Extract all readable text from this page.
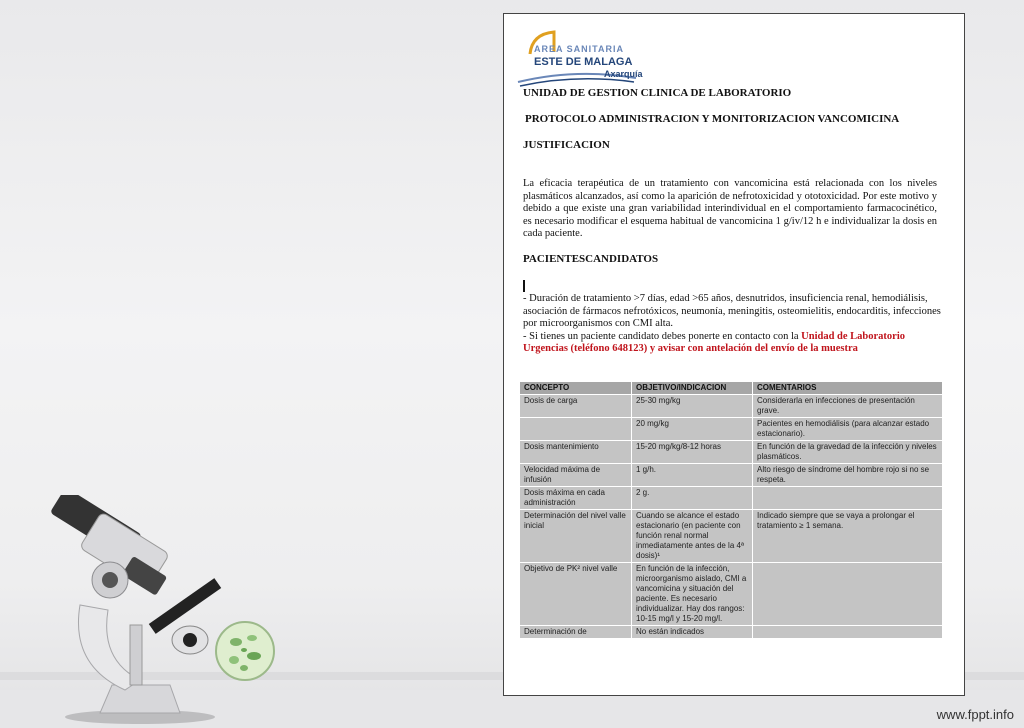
www.fppt.info
AREA SANITARIA
ESTE DE MALAGA
Axarquía
UNIDAD DE GESTION CLINICA DE LABORATORIO
PROTOCOLO ADMINISTRACION Y MONITORIZACION VANCOMICINA
JUSTIFICACION

La eficacia terapéutica de un tratamiento con vancomicina está relacionada con los niveles plasmáticos alcanzados, así como la aparición de nefrotoxicidad y ototoxicidad. Por este motivo y debido a que existe una gran variabilidad interindividual en el comportamiento farmacocinético, es necesario modificar el esquema habitual de vancomicina 1 g/iv/12 h e individualizar la dosis en cada paciente.

PACIENTESCANDIDATOS

- Duración de tratamiento >7 días, edad >65 años, desnutridos, insuficiencia renal, hemodiálisis, asociación de fármacos nefrotóxicos, neumonía, meningitis, osteomielitis, endocarditis, infecciones por microorganismos con CMI alta.

- Si tienes un paciente candidato debes ponerte en contacto con la Unidad de Laboratorio Urgencias (teléfono 648123) y avisar con antelación del envío de la muestra

CONCEPTO	OBJETIVO/INDICACION	COMENTARIOS
Dosis de carga	25-30 mg/kg	Considerarla en infecciones de presentación grave.
	20 mg/kg	Pacientes en hemodiálisis (para alcanzar estado estacionario).
Dosis mantenimiento	15-20 mg/kg/8-12 horas	En función de la gravedad de la infección y niveles plasmáticos.
Velocidad máxima de infusión	1 g/h.	Alto riesgo de síndrome del hombre rojo si no se respeta.
Dosis máxima en cada administración	2 g.	
Determinación del nivel valle inicial	Cuando se alcance el estado estacionario (en paciente con función renal normal inmediatamente antes de la 4ª dosis)¹	Indicado siempre que se vaya a prolongar el tratamiento ≥ 1 semana.
Objetivo de PK² nivel valle	En función de la infección, microorganismo aislado, CMI a vancomicina y situación del paciente. Es necesario individualizar. Hay dos rangos: 10-15 mg/l y 15-20 mg/l.	
Determinación de	No están indicados	
